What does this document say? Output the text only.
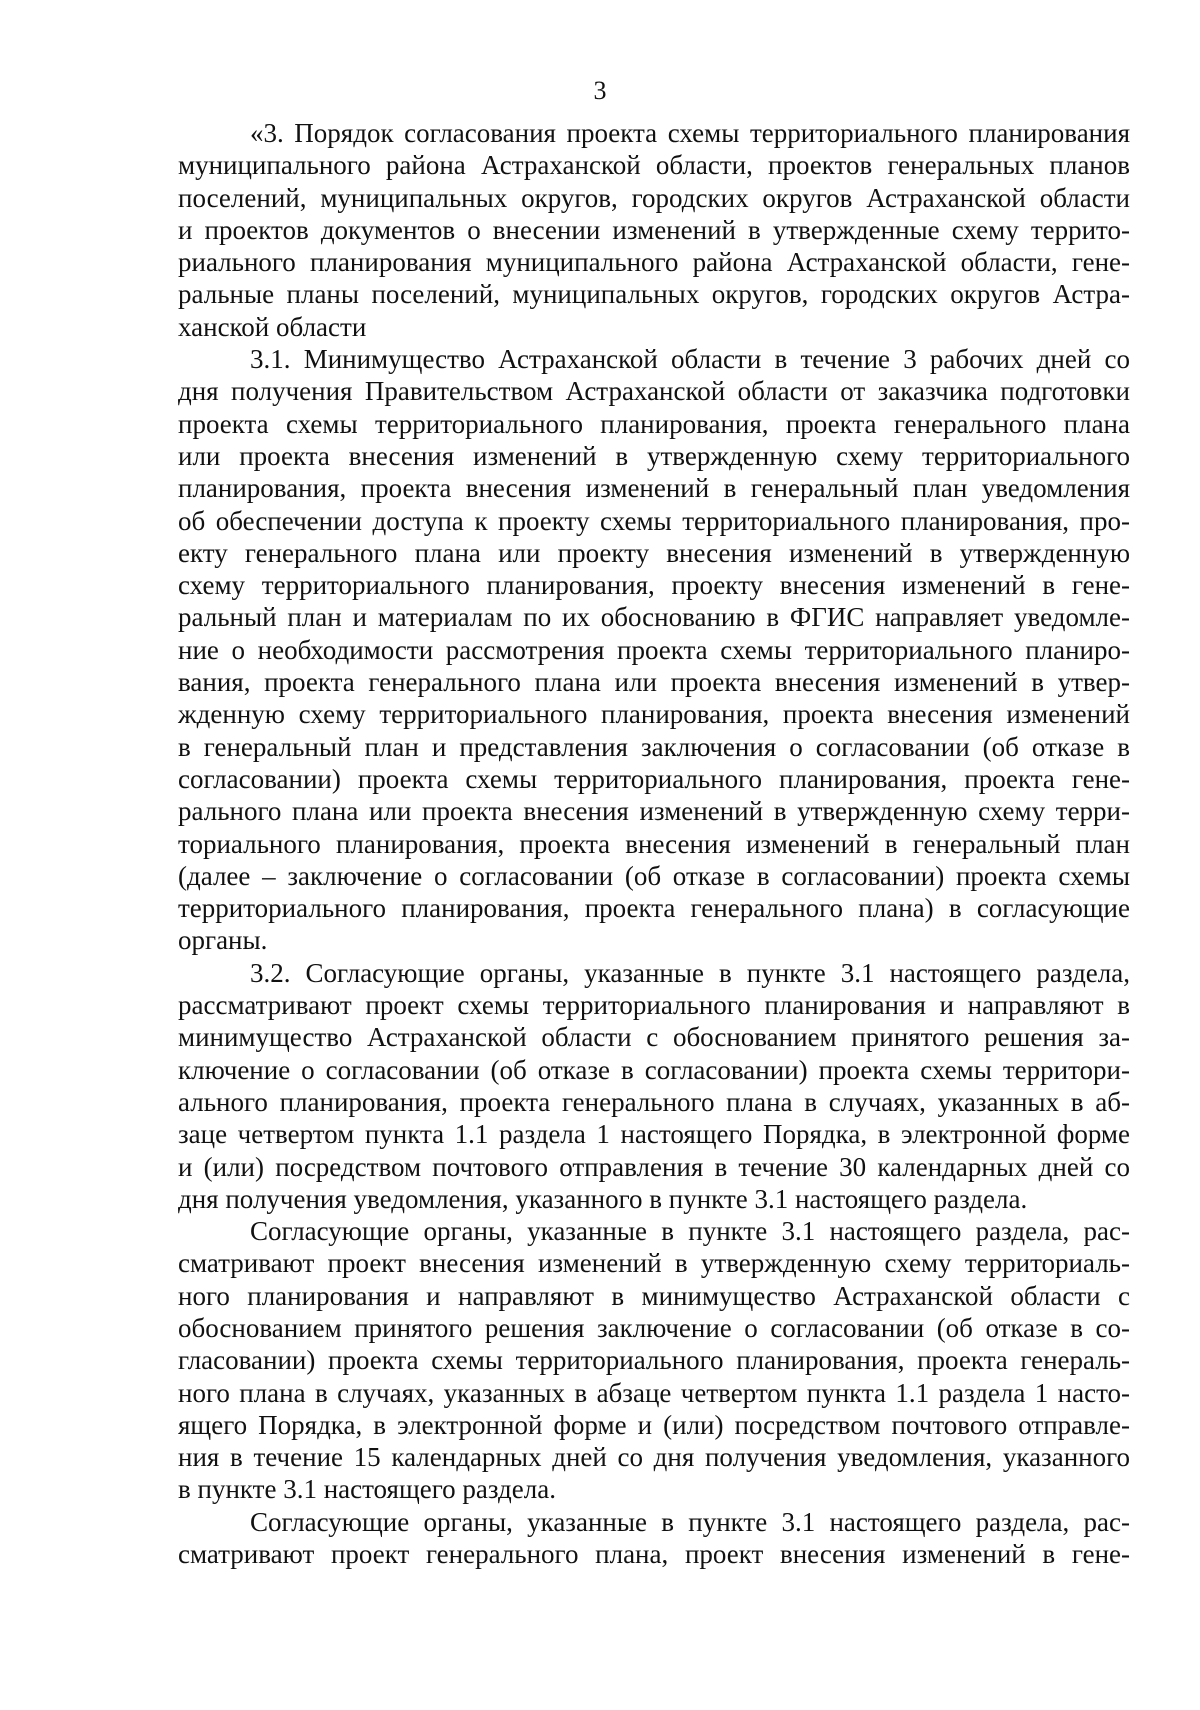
3
«3. Порядок согласования проекта схемы территориального планирования
муниципального района Астраханской области, проектов генеральных планов
поселений, муниципальных округов, городских округов Астраханской области
и проектов документов о внесении изменений в утвержденные схему террито-
риального планирования муниципального района Астраханской области, гене-
ральные планы поселений, муниципальных округов, городских округов Астра-
ханской области
3.1. Минимущество Астраханской области в течение 3 рабочих дней со
дня получения Правительством Астраханской области от заказчика подготовки
проекта схемы территориального планирования, проекта генерального плана
или проекта внесения изменений в утвержденную схему территориального
планирования, проекта внесения изменений в генеральный план уведомления
об обеспечении доступа к проекту схемы территориального планирования, про-
екту генерального плана или проекту внесения изменений в утвержденную
схему территориального планирования, проекту внесения изменений в гене-
ральный план и материалам по их обоснованию в ФГИС направляет уведомле-
ние о необходимости рассмотрения проекта схемы территориального планиро-
вания, проекта генерального плана или проекта внесения изменений в утвер-
жденную схему территориального планирования, проекта внесения изменений
в генеральный план и представления заключения о согласовании (об отказе в
согласовании) проекта схемы территориального планирования, проекта гене-
рального плана или проекта внесения изменений в утвержденную схему терри-
ториального планирования, проекта внесения изменений в генеральный план
(далее – заключение о согласовании (об отказе в согласовании) проекта схемы
территориального планирования, проекта генерального плана) в согласующие
органы.
3.2. Согласующие органы, указанные в пункте 3.1 настоящего раздела,
рассматривают проект схемы территориального планирования и направляют в
минимущество Астраханской области с обоснованием принятого решения за-
ключение о согласовании (об отказе в согласовании) проекта схемы территори-
ального планирования, проекта генерального плана в случаях, указанных в аб-
заце четвертом пункта 1.1 раздела 1 настоящего Порядка, в электронной форме
и (или) посредством почтового отправления в течение 30 календарных дней со
дня получения уведомления, указанного в пункте 3.1 настоящего раздела.
Согласующие органы, указанные в пункте 3.1 настоящего раздела, рас-
сматривают проект внесения изменений в утвержденную схему территориаль-
ного планирования и направляют в минимущество Астраханской области с
обоснованием принятого решения заключение о согласовании (об отказе в со-
гласовании) проекта схемы территориального планирования, проекта генераль-
ного плана в случаях, указанных в абзаце четвертом пункта 1.1 раздела 1 насто-
ящего Порядка, в электронной форме и (или) посредством почтового отправле-
ния в течение 15 календарных дней со дня получения уведомления, указанного
в пункте 3.1 настоящего раздела.
Согласующие органы, указанные в пункте 3.1 настоящего раздела, рас-
сматривают проект генерального плана, проект внесения изменений в гене-
